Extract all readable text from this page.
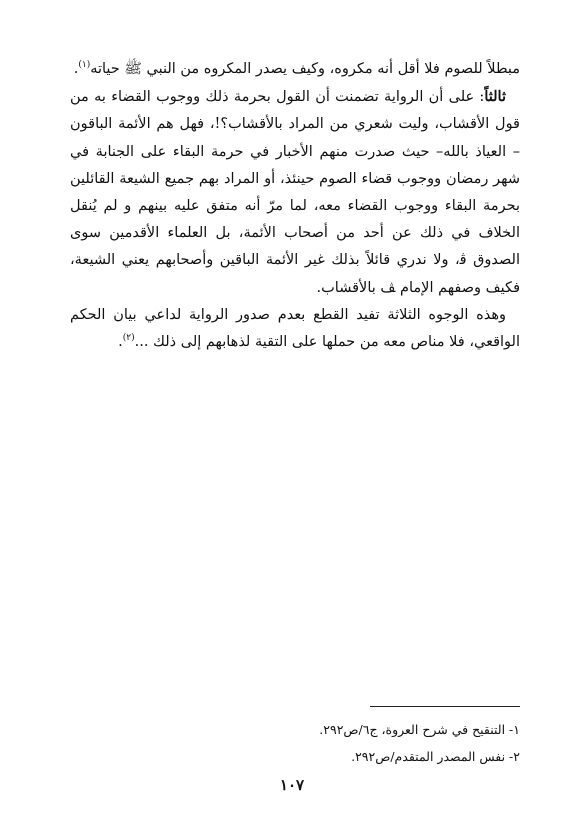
مبطلاً للصوم فلا أقل أنه مكروه، وكيف يصدر المكروه من النبي ﷺ حياته$^{(١)}$.

ثالثاً: على أن الرواية تضمنت أن القول بحرمة ذلك ووجوب القضاء به من قول الأقشاب، وليت شعري من المراد بالأقشاب؟!، فهل هم الأئمة الباقون – العياذ بالله– حيث صدرت منهم الأخبار في حرمة البقاء على الجنابة في شهر رمضان ووجوب قضاء الصوم حينئذ، أو المراد بهم جميع الشيعة القائلين بحرمة البقاء ووجوب القضاء معه، لما مرّ أنه متفق عليه بينهم و لم يُنقل الخلاف في ذلك عن أحد من أصحاب الأئمة، بل العلماء الأقدمين سوى الصدوق ﭬ، ولا ندري قائلاً بذلك غير الأئمة الباقين وأصحابهم يعني الشيعة، فكيف وصفهم الإمام ﭫ بالأقشاب.

وهذه الوجوه الثلاثة تفيد القطع بعدم صدور الرواية لداعي بيان الحكم الواقعي، فلا مناص معه من حملها على التقية لذهابهم إلى ذلك ...$^{(٢)}$.

١- التنقيح في شرح العروة، ج٦/ص٢٩٢.

٢- نفس المصدر المتقدم/ص٢٩٢.

١٠٧
